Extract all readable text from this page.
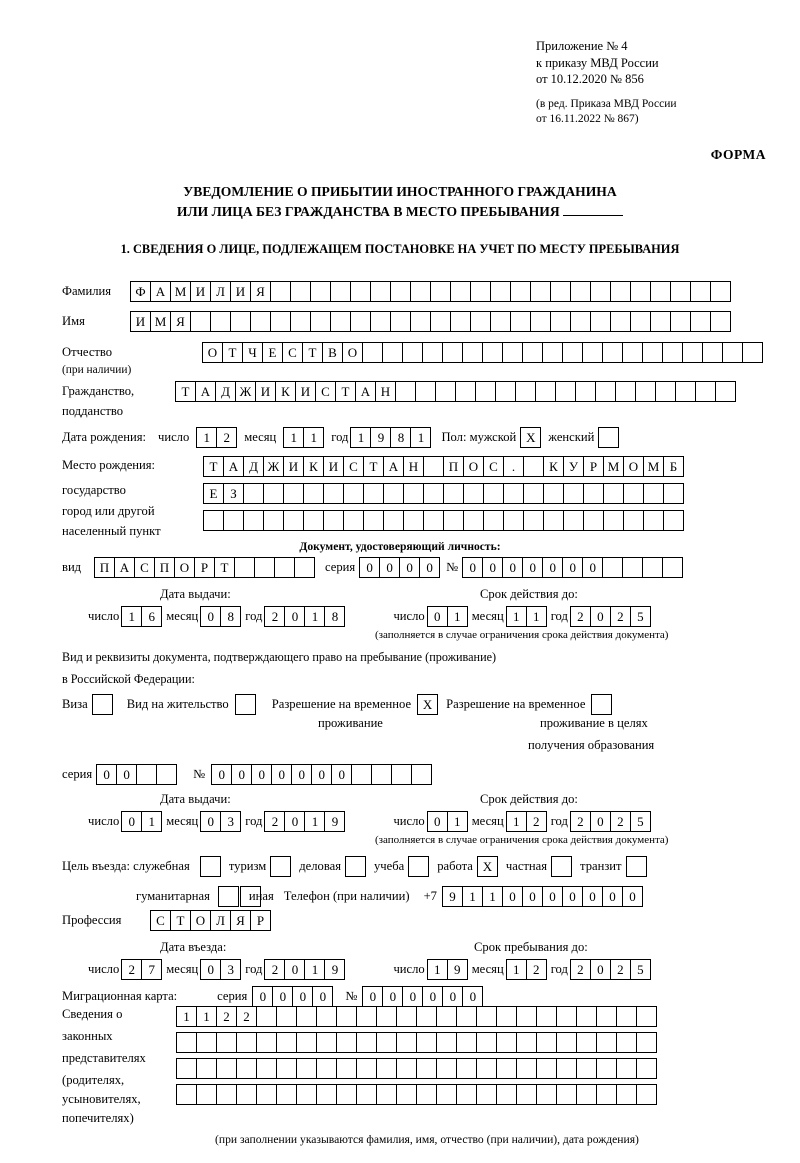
Приложение № 4
к приказу МВД России
от 10.12.2020 № 856
(в ред. Приказа МВД России
от 16.11.2022 № 867)
ФОРМА
УВЕДОМЛЕНИЕ О ПРИБЫТИИ ИНОСТРАННОГО ГРАЖДАНИНА
ИЛИ ЛИЦА БЕЗ ГРАЖДАНСТВА В МЕСТО ПРЕБЫВАНИЯ
1. СВЕДЕНИЯ О ЛИЦЕ, ПОДЛЕЖАЩЕМ ПОСТАНОВКЕ НА УЧЕТ ПО МЕСТУ ПРЕБЫВАНИЯ
Фамилия	Ф А М И Л И Я
Имя	И М Я
Отчество	О Т Ч Е С Т В О
(при наличии)
Гражданство,	Т А Д Ж И К И С Т А Н
подданство
Дата рождения: число	1	2	месяц	1	1	год 1	9	8	1	Пол: мужской X	женский
Место рождения:	Т А Д Ж И К И С Т А Н	П О С	.	К У Р М О М Б
государство	Е З
город или другой
населенный пункт
Документ, удостоверяющий личность:
вид	П А С П О Р Т	серия 0	0	0	0	№ 0	0	0	0	0	0	0
Дата выдачи:	Срок действия до:
число 1	6 месяц 0	8 год 2	0	1	8	число 0	1 месяц 1	1 год 2	0	2	5
(заполняется в случае ограничения срока действия документа)
Вид и реквизиты документа, подтверждающего право на пребывание (проживание)
в Российской Федерации:
Виза	Вид на жительство	Разрешение на временное X	Разрешение на временное
проживание	проживание в целях
получения образования
серия 0	0	№	0	0	0	0	0	0	0
Дата выдачи:	Срок действия до:
число 0	1 месяц 0	3 год 2	0	1	9	число 0	1 месяц 1	2 год 2	0	2	5
(заполняется в случае ограничения срока действия документа)
Цель въезда: служебная	туризм	деловая	учеба	работа X	частная	транзит
гуманитарная	иная Телефон (при наличии) +7 9	1	1	0	0	0	0	0	0	0
Профессия	С Т О Л Я Р
Дата въезда:	Срок пребывания до:
число 2	7 месяц 0	3 год 2	0	1	9	число 1	9 месяц 1	2 год 2	0	2	5
Миграционная карта:	серия 0	0	0	0	№ 0	0	0	0	0	0
Сведения о
законных
представителях
(родителях,
усыновителях,
попечителях)
1	1	2	2
(при заполнении указываются фамилия, имя, отчество (при наличии), дата рождения)
